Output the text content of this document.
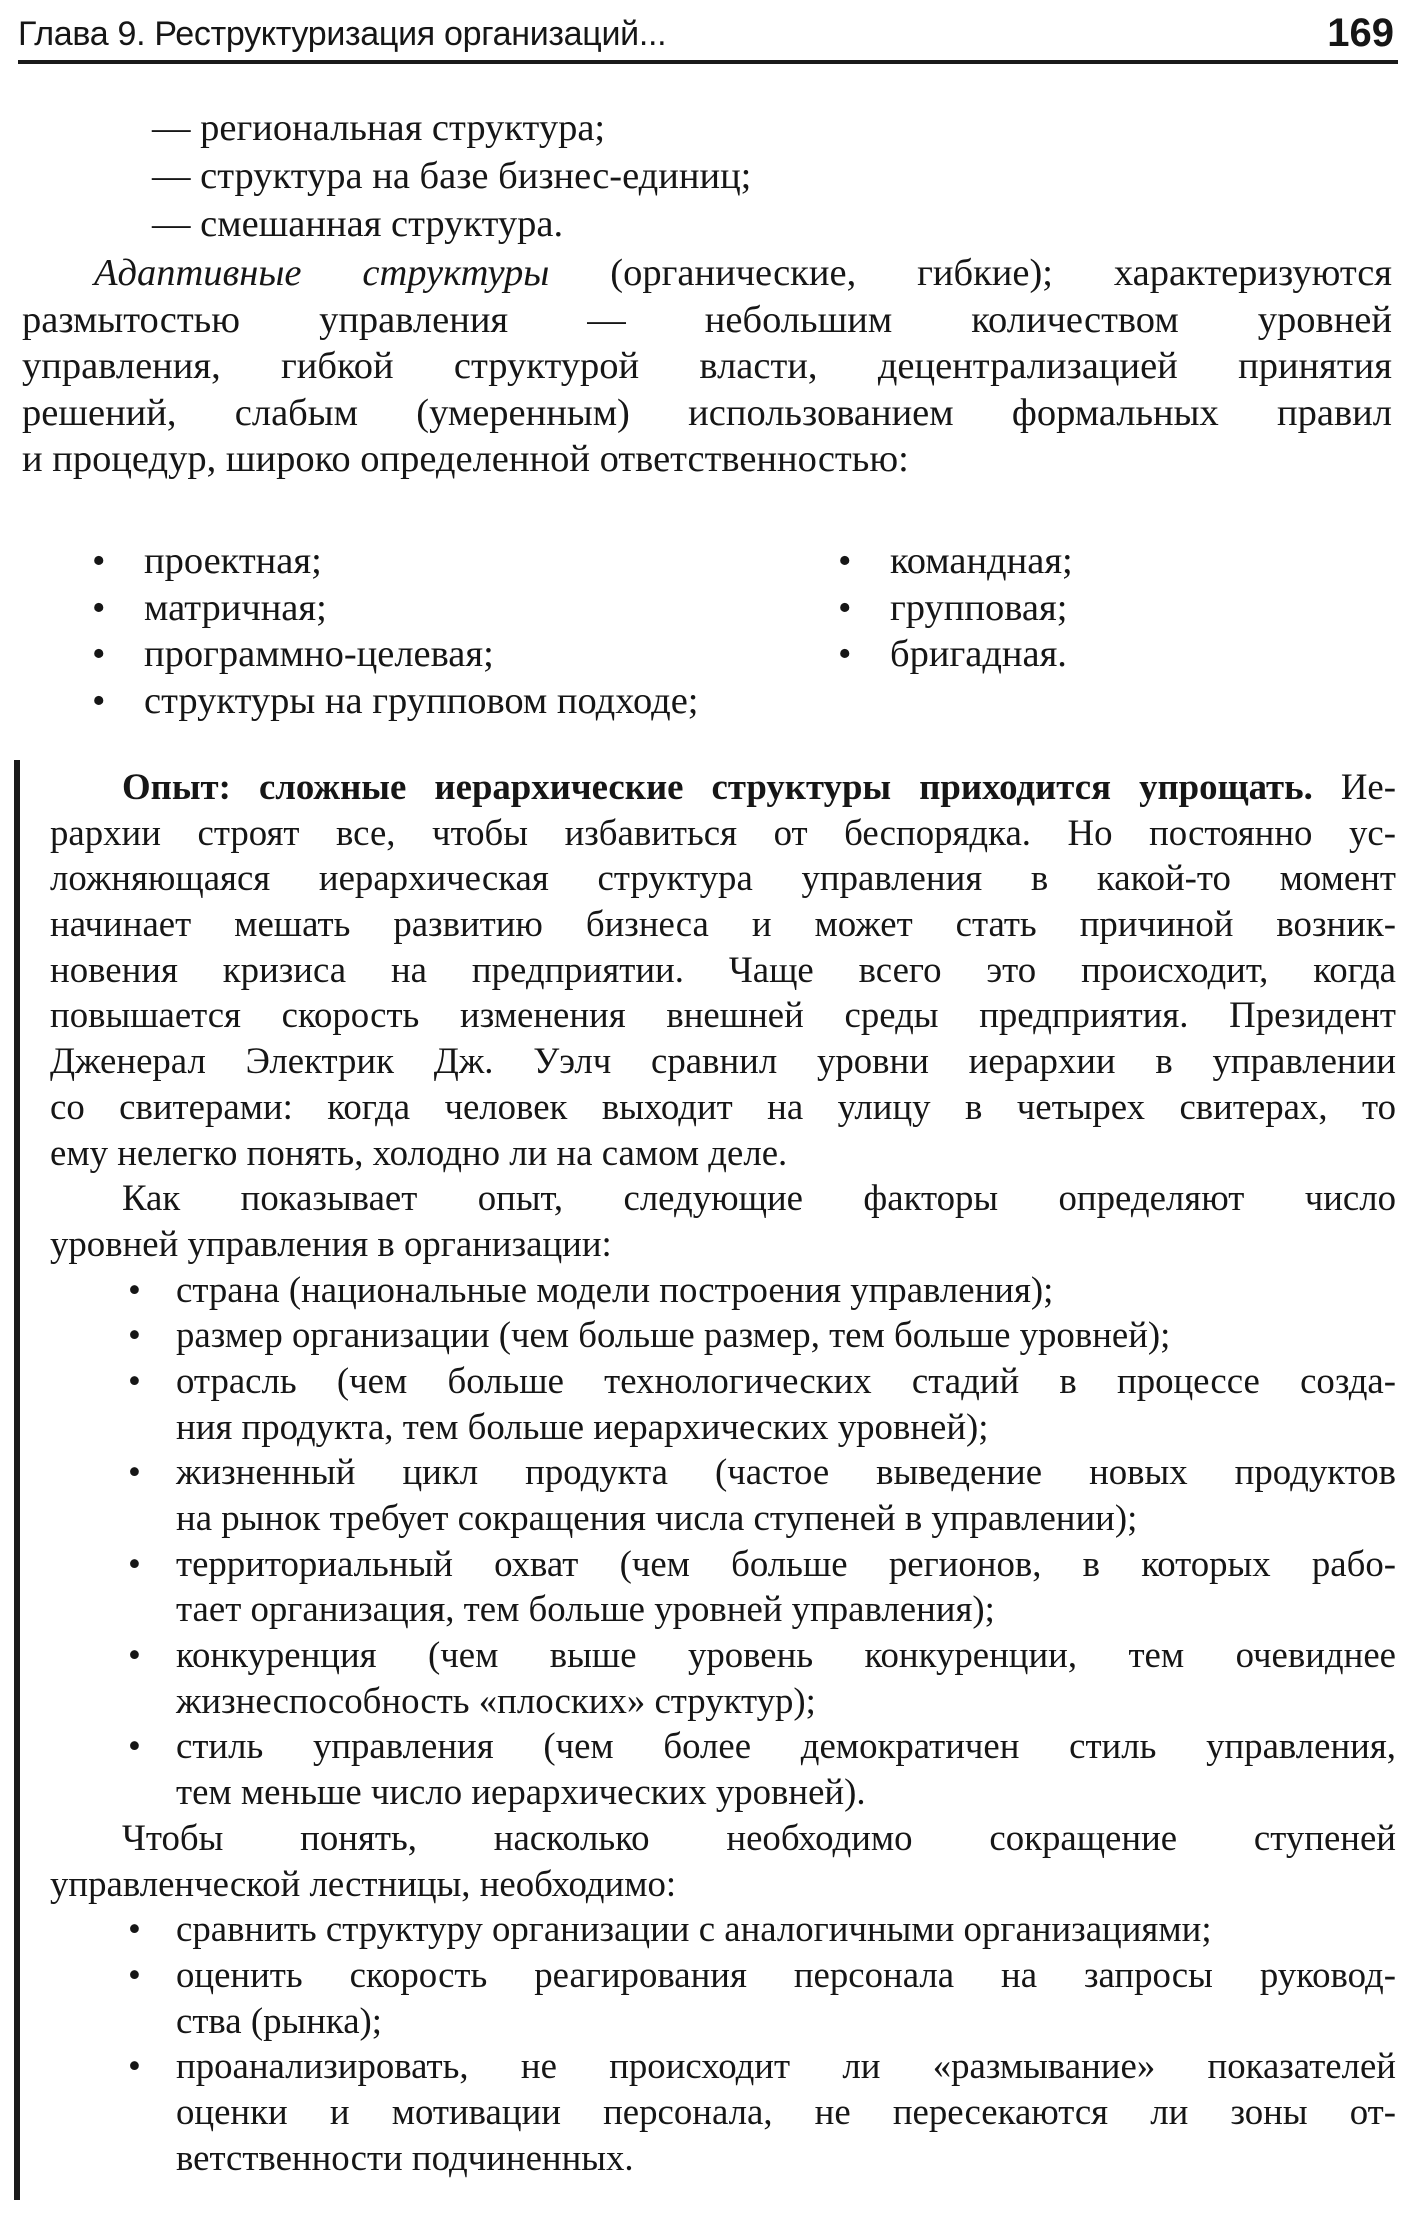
Глава 9. Реструктуризация организаций...	169
— региональная структура;
— структура на базе бизнес-единиц;
— смешанная структура.
Адаптивные структуры (органические, гибкие); характеризуются
размытостью управления — небольшим количеством уровней
управления, гибкой структурой власти, децентрализацией принятия
решений, слабым (умеренным) использованием формальных правил
и процедур, широко определенной ответственностью:
• проектная;
• матричная;
• программно-целевая;
• структуры на групповом подходе;
• командная;
• групповая;
• бригадная.
Опыт: сложные иерархические структуры приходится упрощать. Ие-
рархии строят все, чтобы избавиться от беспорядка. Но постоянно ус-
ложняющаяся иерархическая структура управления в какой-то момент
начинает мешать развитию бизнеса и может стать причиной возник-
новения кризиса на предприятии. Чаще всего это происходит, когда
повышается скорость изменения внешней среды предприятия. Президент
Дженерал Электрик Дж. Уэлч сравнил уровни иерархии в управлении
со свитерами: когда человек выходит на улицу в четырех свитерах, то
ему нелегко понять, холодно ли на самом деле.
Как показывает опыт, следующие факторы определяют число
уровней управления в организации:
• страна (национальные модели построения управления);
• размер организации (чем больше размер, тем больше уровней);
• отрасль (чем больше технологических стадий в процессе созда-
ния продукта, тем больше иерархических уровней);
• жизненный цикл продукта (частое выведение новых продуктов
на рынок требует сокращения числа ступеней в управлении);
• территориальный охват (чем больше регионов, в которых рабо-
тает организация, тем больше уровней управления);
• конкуренция (чем выше уровень конкуренции, тем очевиднее
жизнеспособность «плоских» структур);
• стиль управления (чем более демократичен стиль управления,
тем меньше число иерархических уровней).
Чтобы понять, насколько необходимо сокращение ступеней
управленческой лестницы, необходимо:
• сравнить структуру организации с аналогичными организациями;
• оценить скорость реагирования персонала на запросы руковод-
ства (рынка);
• проанализировать, не происходит ли «размывание» показателей
оценки и мотивации персонала, не пересекаются ли зоны от-
ветственности подчиненных.
